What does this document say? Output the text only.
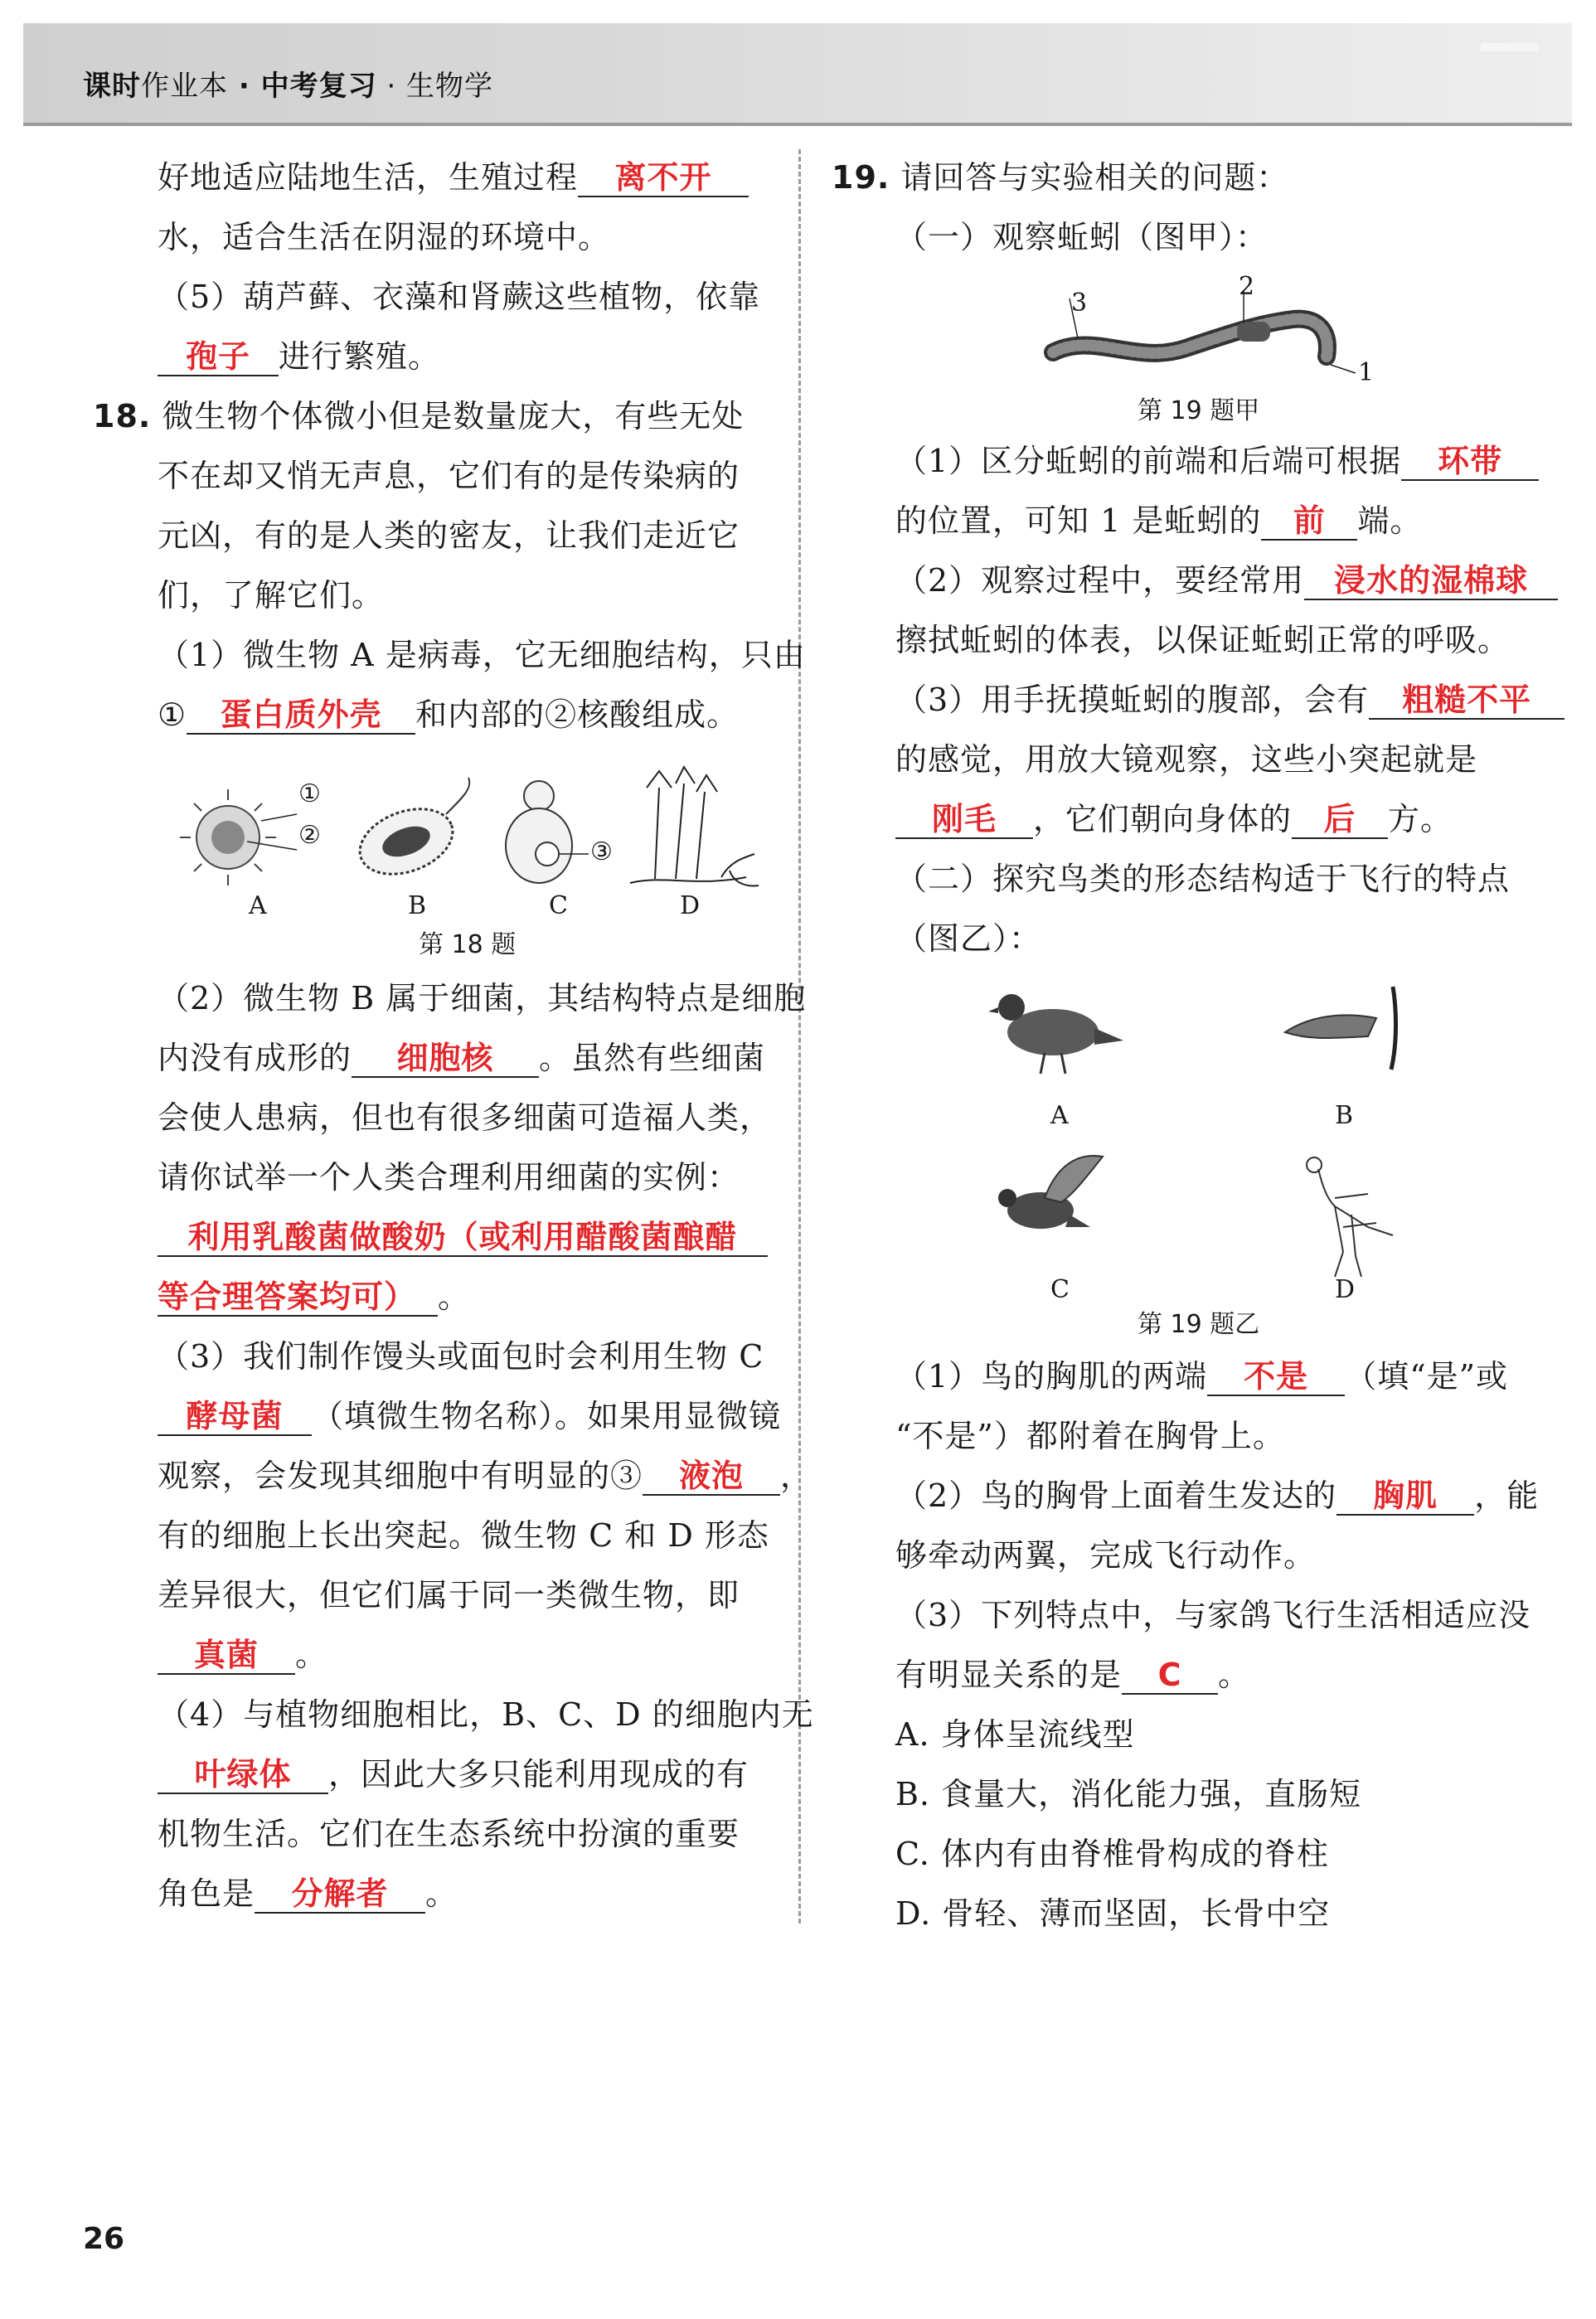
课时作业本 · 中考复习 · 生物学
好地适应陆地生活，生殖过程 离不开
水，适合生活在阴湿的环境中。
（5）葫芦藓、衣藻和肾蕨这些植物，依靠
孢子 进行繁殖。
18. 微生物个体微小但是数量庞大，有些无处
不在却又悄无声息，它们有的是传染病的
元凶，有的是人类的密友，让我们走近它
们，了解它们。
（1）微生物 A 是病毒，它无细胞结构，只由
① 蛋白质外壳 和内部的②核酸组成。
①
②
③
A	B	C	D
第 18 题
（2）微生物 B 属于细菌，其结构特点是细胞
内没有成形的 细胞核 。虽然有些细菌
会使人患病，但也有很多细菌可造福人类，
请你试举一个人类合理利用细菌的实例：
利用乳酸菌做酸奶（或利用醋酸菌酿醋
等合理答案均可） 。
（3）我们制作馒头或面包时会利用生物 C
酵母菌 （填微生物名称）。如果用显微镜
观察，会发现其细胞中有明显的③ 液泡 ，
有的细胞上长出突起。微生物 C 和 D 形态
差异很大，但它们属于同一类微生物，即
真菌 。
（4）与植物细胞相比，B、C、D 的细胞内无
叶绿体 ，因此大多只能利用现成的有
机物生活。它们在生态系统中扮演的重要
角色是 分解者 。
19. 请回答与实验相关的问题：
（一）观察蚯蚓（图甲）：
3
2
1
第 19 题甲
（1）区分蚯蚓的前端和后端可根据 环带
的位置，可知 1 是蚯蚓的 前 端。
（2）观察过程中，要经常用 浸水的湿棉球
擦拭蚯蚓的体表，以保证蚯蚓正常的呼吸。
（3）用手抚摸蚯蚓的腹部，会有 粗糙不平
的感觉，用放大镜观察，这些小突起就是
刚毛 ，它们朝向身体的 后 方。
（二）探究鸟类的形态结构适于飞行的特点
（图乙）：
A	B
C	D
第 19 题乙
（1）鸟的胸肌的两端 不是 （填“是”或
“不是”）都附着在胸骨上。
（2）鸟的胸骨上面着生发达的 胸肌 ，能
够牵动两翼，完成飞行动作。
（3）下列特点中，与家鸽飞行生活相适应没
有明显关系的是 C 。
A. 身体呈流线型
B. 食量大，消化能力强，直肠短
C. 体内有由脊椎骨构成的脊柱
D. 骨轻、薄而坚固，长骨中空
26
